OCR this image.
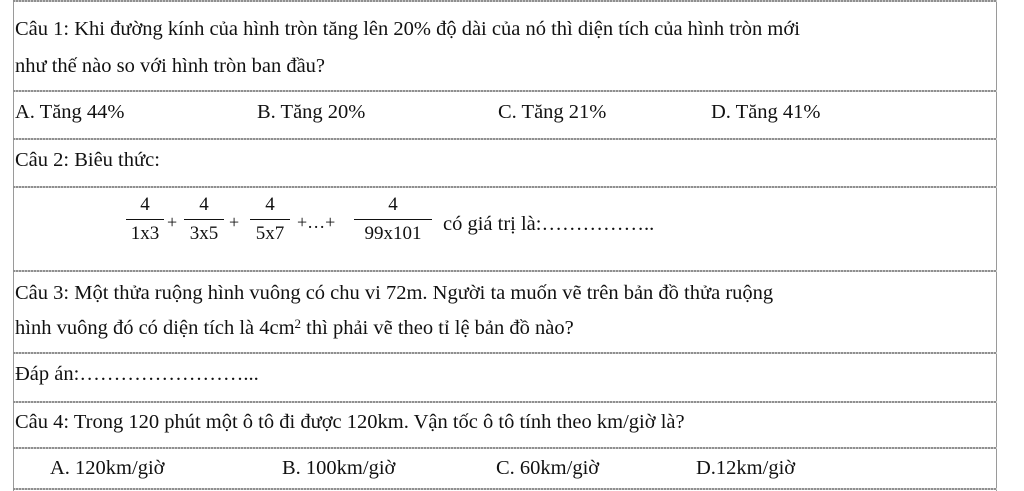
Câu 1: Khi đường kính của hình tròn tăng lên 20% độ dài của nó thì diện tích của hình tròn mới
như thế nào so với hình tròn ban đầu?
A. Tăng 44%	B. Tăng 20%	C. Tăng 21%	D. Tăng 41%
Câu 2: Biêu thức:
4
1x3
+
4
3x5
+
4
5x7
+…+
4
99x101	có giá trị là:……………..
Câu 3: Một thửa ruộng hình vuông có chu vi 72m. Người ta muốn vẽ trên bản đồ thửa ruộng
hình vuông đó có diện tích là $4cm^2$ thì phải vẽ theo tỉ lệ bản đồ nào?
Đáp án:……………………...
Câu 4: Trong 120 phút một ô tô đi được 120km. Vận tốc ô tô tính theo km/giờ là?
A. 120km/giờ	B. 100km/giờ	C. 60km/giờ	D.12km/giờ
